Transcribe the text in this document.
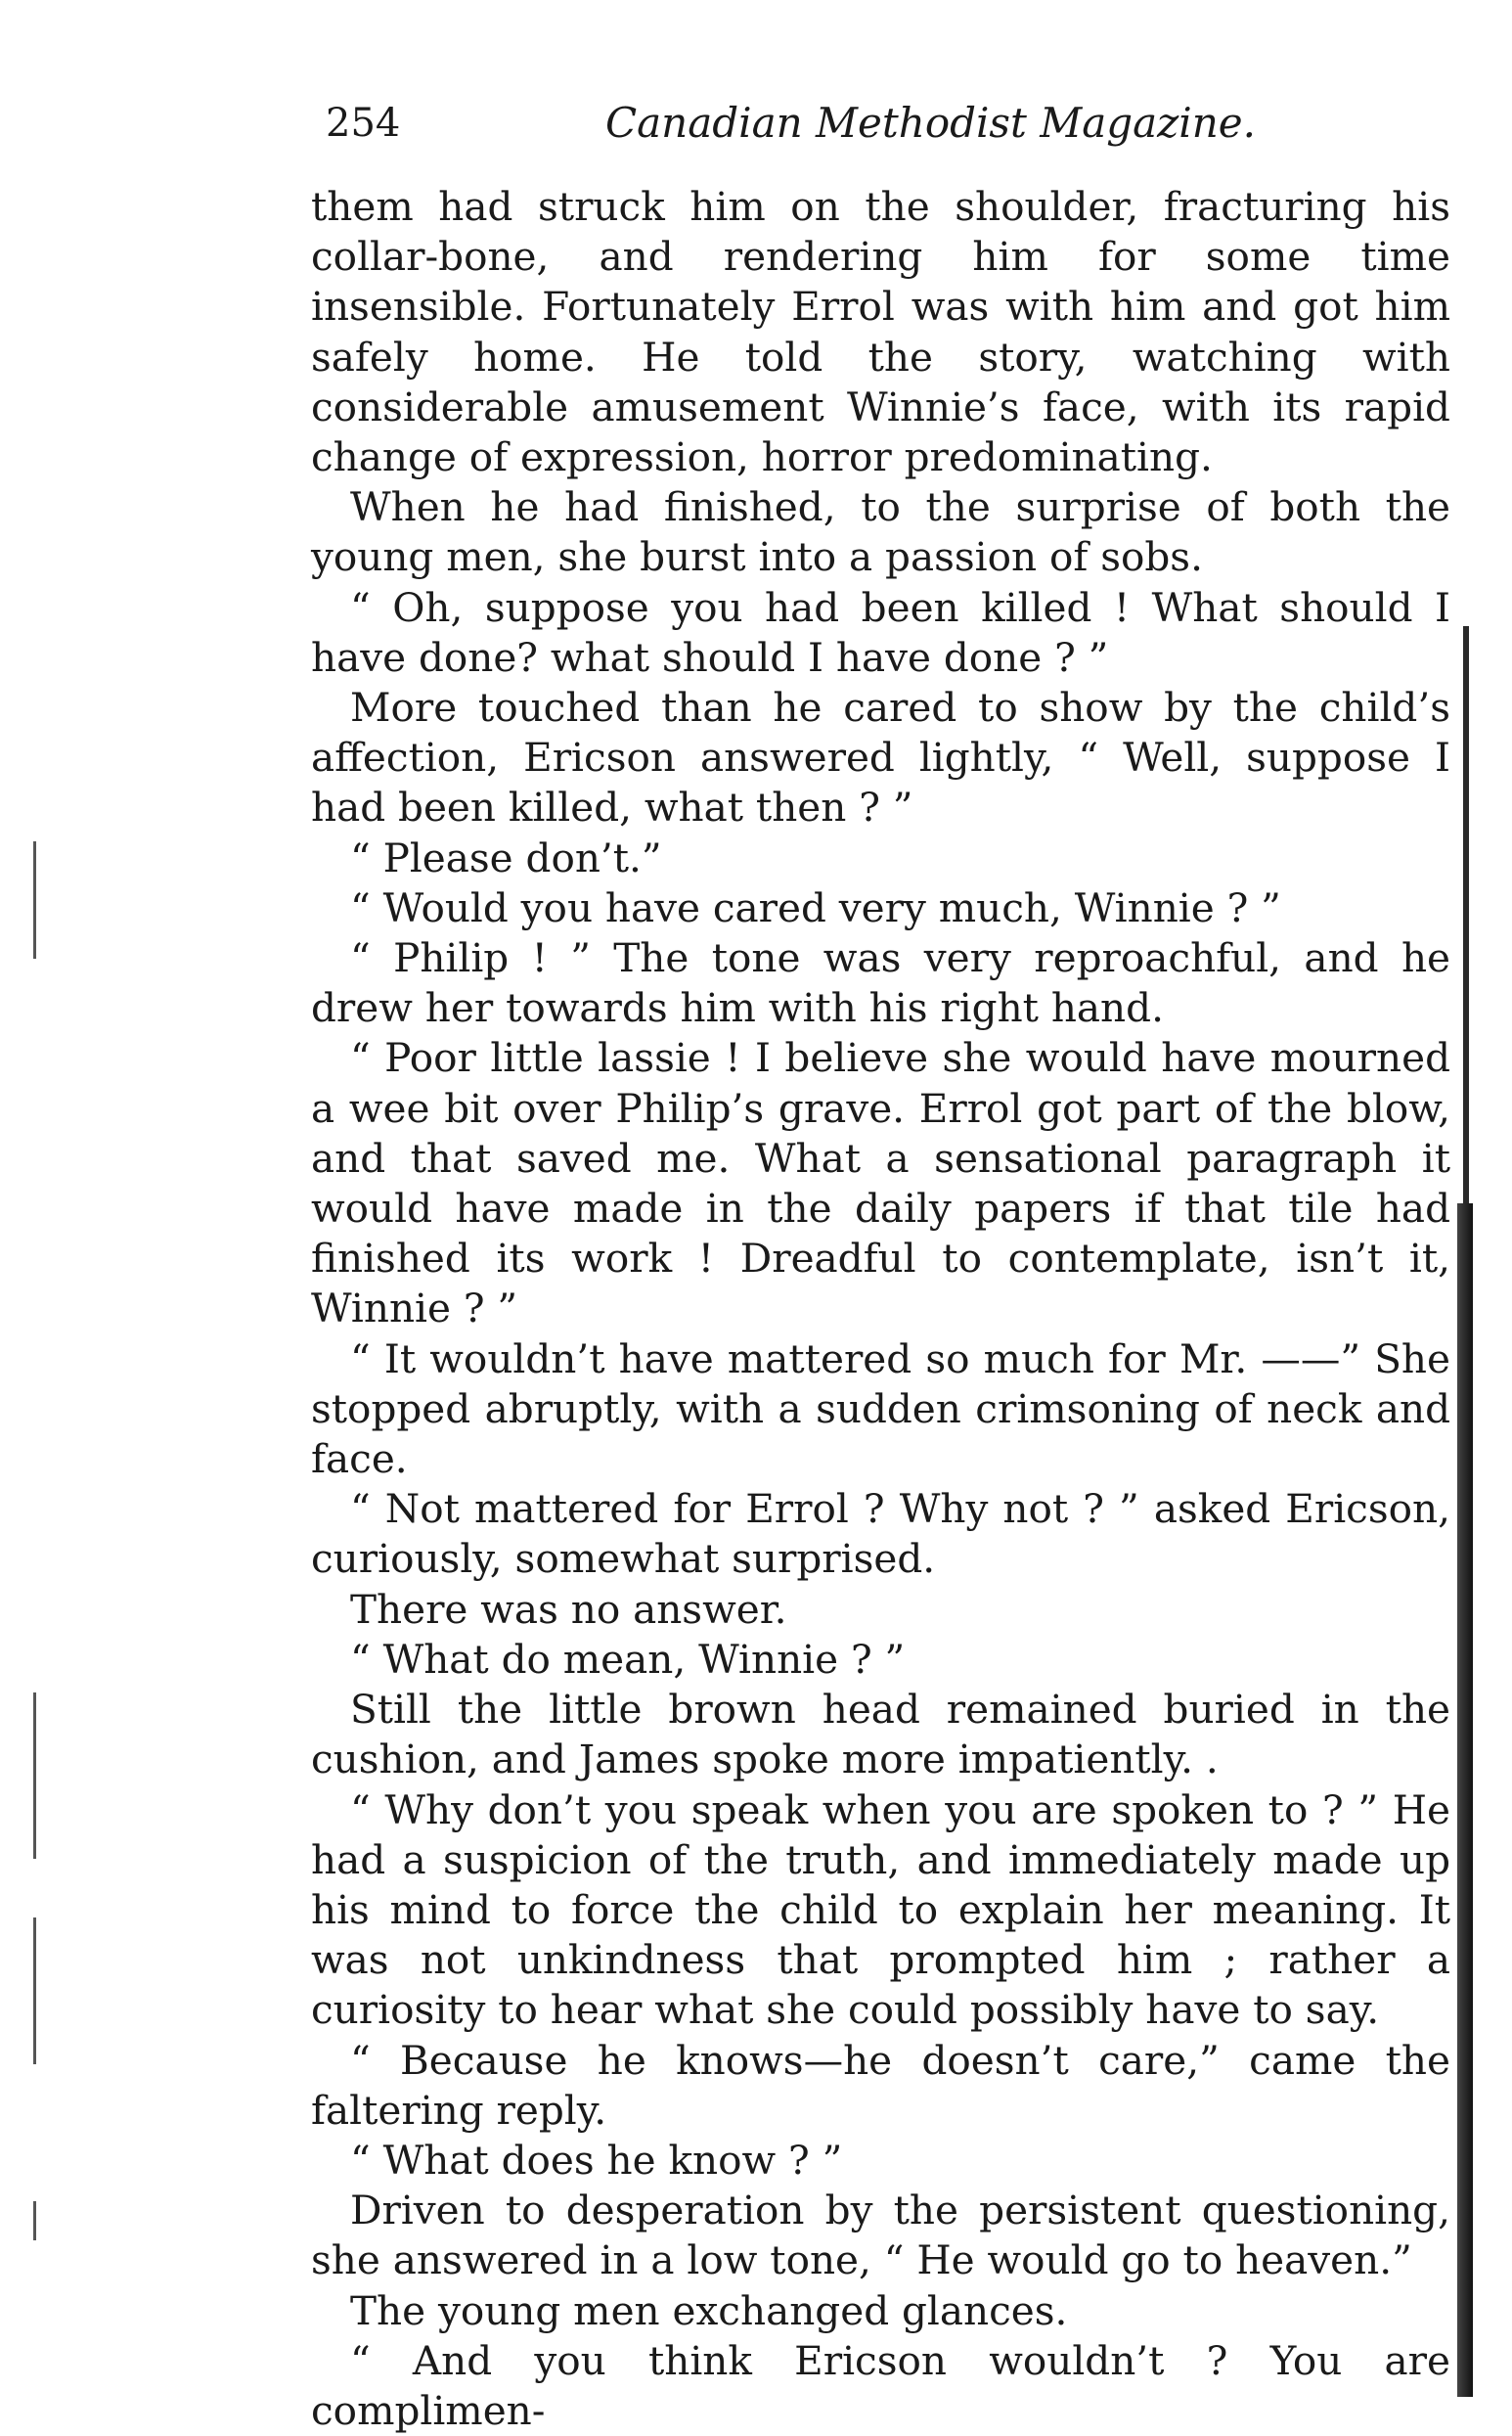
254	Canadian Methodist Magazine.

them had struck him on the shoulder, fracturing his collar-bone, and rendering him for some time insensible. Fortunately Errol was with him and got him safely home. He told the story, watching with considerable amusement Winnie’s face, with its rapid change of expression, horror predominating.

When he had finished, to the surprise of both the young men, she burst into a passion of sobs.

“ Oh, suppose you had been killed ! What should I have done? what should I have done ? ”

More touched than he cared to show by the child’s affection, Ericson answered lightly, “ Well, suppose I had been killed, what then ? ”

“ Please don’t.”

“ Would you have cared very much, Winnie ? ”

“ Philip ! ” The tone was very reproachful, and he drew her towards him with his right hand.

“ Poor little lassie ! I believe she would have mourned a wee bit over Philip’s grave. Errol got part of the blow, and that saved me. What a sensational paragraph it would have made in the daily papers if that tile had finished its work ! Dreadful to contemplate, isn’t it, Winnie ? ”

“ It wouldn’t have mattered so much for Mr. ——” She stopped abruptly, with a sudden crimsoning of neck and face.

“ Not mattered for Errol ? Why not ? ” asked Ericson, curiously, somewhat surprised.

There was no answer.

“ What do mean, Winnie ? ”

Still the little brown head remained buried in the cushion, and James spoke more impatiently. .

“ Why don’t you speak when you are spoken to ? ” He had a suspicion of the truth, and immediately made up his mind to force the child to explain her meaning. It was not unkindness that prompted him ; rather a curiosity to hear what she could possibly have to say.

“ Because he knows—he doesn’t care,” came the faltering reply.

“ What does he know ? ”

Driven to desperation by the persistent questioning, she answered in a low tone, “ He would go to heaven.”

The young men exchanged glances.

“ And you think Ericson wouldn’t ? You are complimen-
